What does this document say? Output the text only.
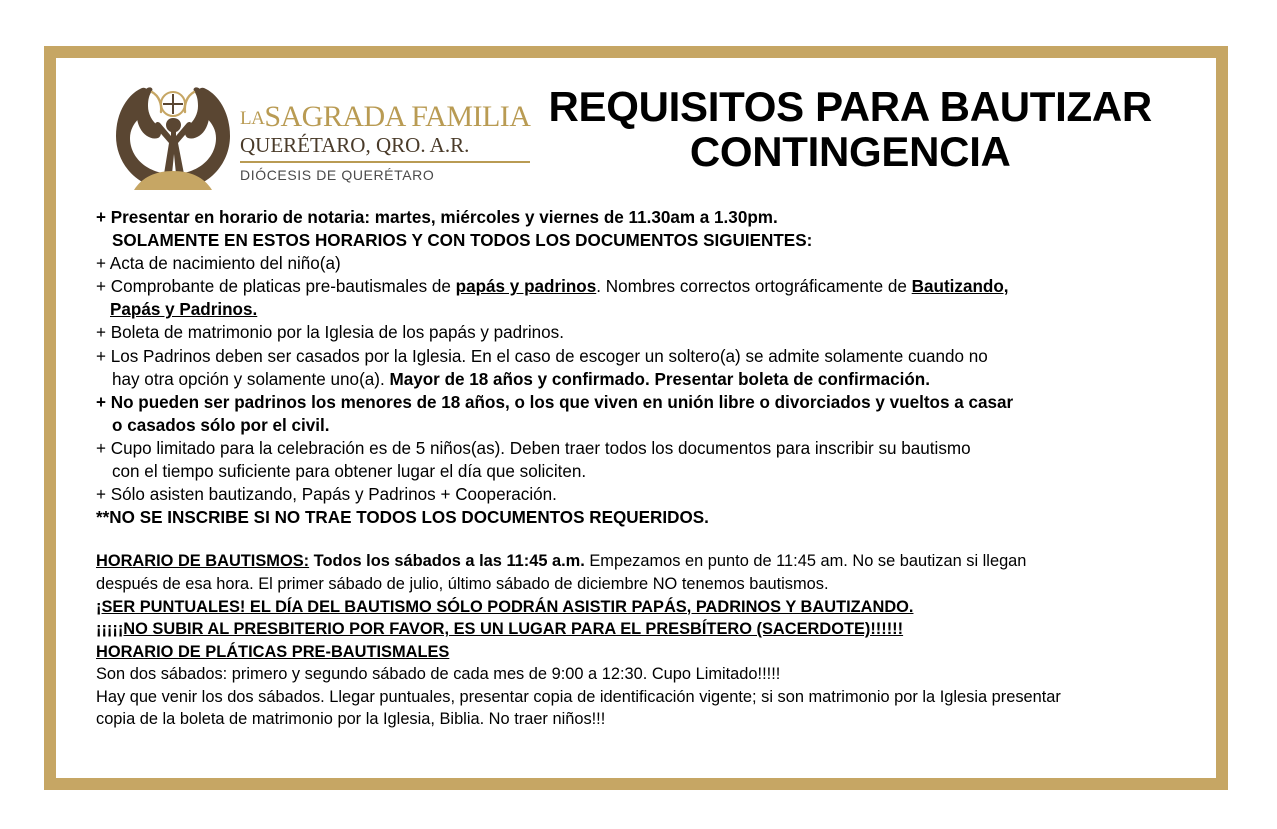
LASAGRADA FAMILIA
QUERÉTARO, QRO. A.R.
DIÓCESIS DE QUERÉTARO
REQUISITOS PARA BAUTIZAR
CONTINGENCIA
+ Presentar en horario de notaria: martes, miércoles y viernes de 11.30am a 1.30pm.
SOLAMENTE EN ESTOS HORARIOS Y CON TODOS LOS DOCUMENTOS SIGUIENTES:
+ Acta de nacimiento del niño(a)
+ Comprobante de platicas pre-bautismales de papás y padrinos. Nombres correctos ortográficamente de Bautizando,
Papás y Padrinos.
+ Boleta de matrimonio por la Iglesia de los papás y padrinos.
+ Los Padrinos deben ser casados por la Iglesia. En el caso de escoger un soltero(a) se admite solamente cuando no
hay otra opción y solamente uno(a). Mayor de 18 años y confirmado. Presentar boleta de confirmación.
+ No pueden ser padrinos los menores de 18 años, o los que viven en unión libre o divorciados y vueltos a casar
o casados sólo por el civil.
+ Cupo limitado para la celebración es de 5 niños(as). Deben traer todos los documentos para inscribir su bautismo
con el tiempo suficiente para obtener lugar el día que soliciten.
+ Sólo asisten bautizando, Papás y Padrinos + Cooperación.
**NO SE INSCRIBE SI NO TRAE TODOS LOS DOCUMENTOS REQUERIDOS.
HORARIO DE BAUTISMOS: Todos los sábados a las 11:45 a.m. Empezamos en punto de 11:45 am. No se bautizan si llegan
después de esa hora. El primer sábado de julio, último sábado de diciembre NO tenemos bautismos.
¡SER PUNTUALES! EL DÍA DEL BAUTISMO SÓLO PODRÁN ASISTIR PAPÁS, PADRINOS Y BAUTIZANDO.
¡¡¡¡¡NO SUBIR AL PRESBITERIO POR FAVOR, ES UN LUGAR PARA EL PRESBÍTERO (SACERDOTE)!!!!!!
HORARIO DE PLÁTICAS PRE-BAUTISMALES
Son dos sábados: primero y segundo sábado de cada mes de 9:00 a 12:30. Cupo Limitado!!!!!
Hay que venir los dos sábados. Llegar puntuales, presentar copia de identificación vigente; si son matrimonio por la Iglesia presentar
copia de la boleta de matrimonio por la Iglesia, Biblia. No traer niños!!!
